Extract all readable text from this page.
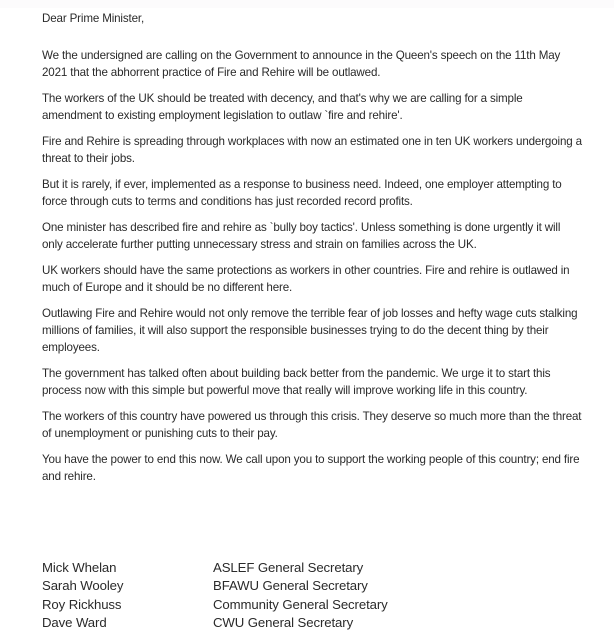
Dear Prime Minister,

We the undersigned are calling on the Government to announce in the Queen's speech on the 11th May 2021 that the abhorrent practice of Fire and Rehire will be outlawed.

The workers of the UK should be treated with decency, and that's why we are calling for a simple amendment to existing employment legislation to outlaw `fire and rehire'.

Fire and Rehire is spreading through workplaces with now an estimated one in ten UK workers undergoing a threat to their jobs.

But it is rarely, if ever, implemented as a response to business need. Indeed, one employer attempting to force through cuts to terms and conditions has just recorded record profits.

One minister has described fire and rehire as `bully boy tactics'. Unless something is done urgently it will only accelerate further putting unnecessary stress and strain on families across the UK.

UK workers should have the same protections as workers in other countries. Fire and rehire is outlawed in much of Europe and it should be no different here.

Outlawing Fire and Rehire would not only remove the terrible fear of job losses and hefty wage cuts stalking millions of families, it will also support the responsible businesses trying to do the decent thing by their employees.

The government has talked often about building back better from the pandemic. We urge it to start this process now with this simple but powerful move that really will improve working life in this country.

The workers of this country have powered us through this crisis. They deserve so much more than the threat of unemployment or punishing cuts to their pay.

You have the power to end this now. We call upon you to support the working people of this country; end fire and rehire.

Mick Whelan	ASLEF General Secretary
Sarah Wooley	BFAWU General Secretary
Roy Rickhuss	Community General Secretary
Dave Ward	CWU General Secretary
